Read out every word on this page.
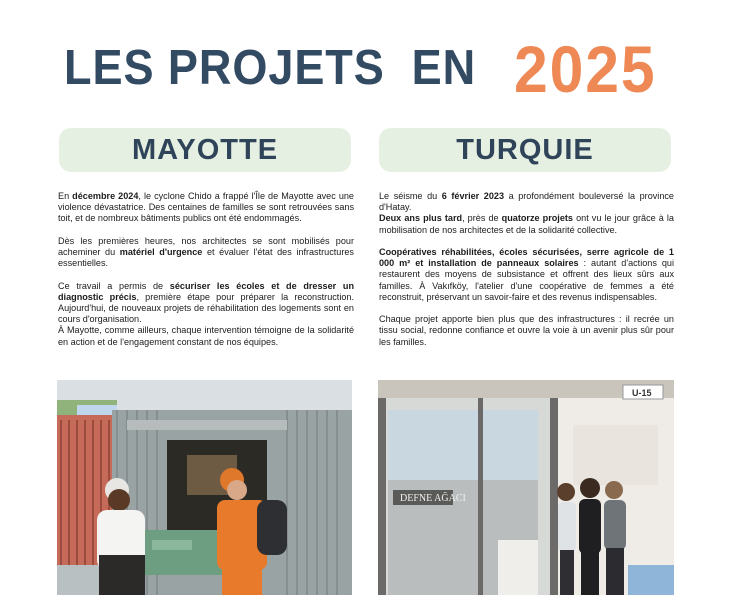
LES PROJETS  EN 2025
MAYOTTE	TURQUIE

En décembre 2024, le cyclone Chido a frappé l'Île de Mayotte avec une violence dévastatrice. Des centaines de familles se sont retrouvées sans toit, et de nombreux bâtiments publics ont été endommagés.

Dès les premières heures, nos architectes se sont mobilisés pour acheminer du matériel d'urgence et évaluer l'état des infrastructures essentielles.

Ce travail a permis de sécuriser les écoles et de dresser un diagnostic précis, première étape pour préparer la reconstruction. Aujourd'hui, de nouveaux projets de réhabilitation des logements sont en cours d'organisation.

À Mayotte, comme ailleurs, chaque intervention témoigne de la solidarité en action et de l'engagement constant de nos équipes.

Le séisme du 6 février 2023 a profondément bouleversé la province d'Hatay.

Deux ans plus tard, près de quatorze projets ont vu le jour grâce à la mobilisation de nos architectes et de la solidarité collective.

Coopératives réhabilitées, écoles sécurisées, serre agricole de 1 000 m² et installation de panneaux solaires : autant d'actions qui restaurent des moyens de subsistance et offrent des lieux sûrs aux familles. À Vakıfköy, l'atelier d'une coopérative de femmes a été reconstruit, préservant un savoir-faire et des revenus indispensables.

Chaque projet apporte bien plus que des infrastructures : il recrée un tissu social, redonne confiance et ouvre la voie à un avenir plus sûr pour les familles.

DEFNE AĞACI
U-15
